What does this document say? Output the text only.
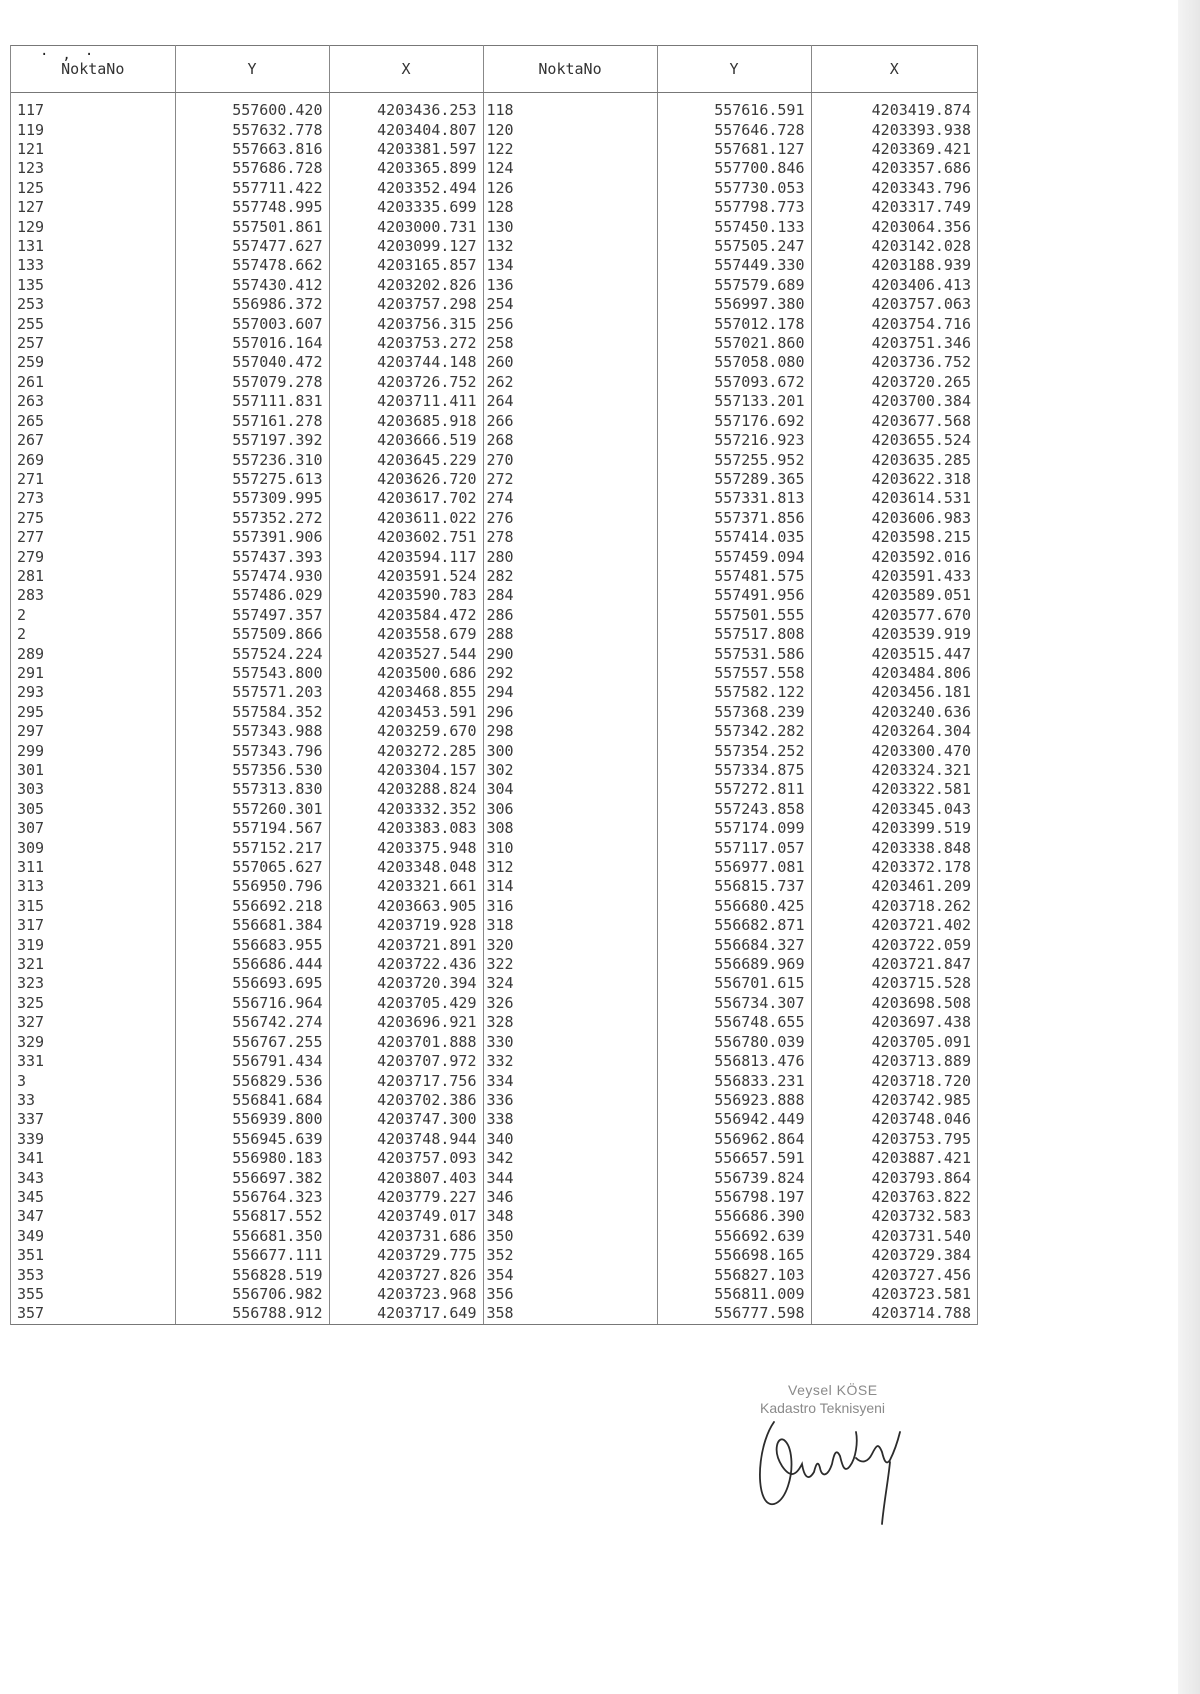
·,·
NoktaNo	Y	X	NoktaNo	Y	X
117	557600.420	4203436.253	118	557616.591	4203419.874
119	557632.778	4203404.807	120	557646.728	4203393.938
121	557663.816	4203381.597	122	557681.127	4203369.421
123	557686.728	4203365.899	124	557700.846	4203357.686
125	557711.422	4203352.494	126	557730.053	4203343.796
127	557748.995	4203335.699	128	557798.773	4203317.749
129	557501.861	4203000.731	130	557450.133	4203064.356
131	557477.627	4203099.127	132	557505.247	4203142.028
133	557478.662	4203165.857	134	557449.330	4203188.939
135	557430.412	4203202.826	136	557579.689	4203406.413
253	556986.372	4203757.298	254	556997.380	4203757.063
255	557003.607	4203756.315	256	557012.178	4203754.716
257	557016.164	4203753.272	258	557021.860	4203751.346
259	557040.472	4203744.148	260	557058.080	4203736.752
261	557079.278	4203726.752	262	557093.672	4203720.265
263	557111.831	4203711.411	264	557133.201	4203700.384
265	557161.278	4203685.918	266	557176.692	4203677.568
267	557197.392	4203666.519	268	557216.923	4203655.524
269	557236.310	4203645.229	270	557255.952	4203635.285
271	557275.613	4203626.720	272	557289.365	4203622.318
273	557309.995	4203617.702	274	557331.813	4203614.531
275	557352.272	4203611.022	276	557371.856	4203606.983
277	557391.906	4203602.751	278	557414.035	4203598.215
279	557437.393	4203594.117	280	557459.094	4203592.016
281	557474.930	4203591.524	282	557481.575	4203591.433
283	557486.029	4203590.783	284	557491.956	4203589.051
2	557497.357	4203584.472	286	557501.555	4203577.670
2	557509.866	4203558.679	288	557517.808	4203539.919
289	557524.224	4203527.544	290	557531.586	4203515.447
291	557543.800	4203500.686	292	557557.558	4203484.806
293	557571.203	4203468.855	294	557582.122	4203456.181
295	557584.352	4203453.591	296	557368.239	4203240.636
297	557343.988	4203259.670	298	557342.282	4203264.304
299	557343.796	4203272.285	300	557354.252	4203300.470
301	557356.530	4203304.157	302	557334.875	4203324.321
303	557313.830	4203288.824	304	557272.811	4203322.581
305	557260.301	4203332.352	306	557243.858	4203345.043
307	557194.567	4203383.083	308	557174.099	4203399.519
309	557152.217	4203375.948	310	557117.057	4203338.848
311	557065.627	4203348.048	312	556977.081	4203372.178
313	556950.796	4203321.661	314	556815.737	4203461.209
315	556692.218	4203663.905	316	556680.425	4203718.262
317	556681.384	4203719.928	318	556682.871	4203721.402
319	556683.955	4203721.891	320	556684.327	4203722.059
321	556686.444	4203722.436	322	556689.969	4203721.847
323	556693.695	4203720.394	324	556701.615	4203715.528
325	556716.964	4203705.429	326	556734.307	4203698.508
327	556742.274	4203696.921	328	556748.655	4203697.438
329	556767.255	4203701.888	330	556780.039	4203705.091
331	556791.434	4203707.972	332	556813.476	4203713.889
3	556829.536	4203717.756	334	556833.231	4203718.720
33	556841.684	4203702.386	336	556923.888	4203742.985
337	556939.800	4203747.300	338	556942.449	4203748.046
339	556945.639	4203748.944	340	556962.864	4203753.795
341	556980.183	4203757.093	342	556657.591	4203887.421
343	556697.382	4203807.403	344	556739.824	4203793.864
345	556764.323	4203779.227	346	556798.197	4203763.822
347	556817.552	4203749.017	348	556686.390	4203732.583
349	556681.350	4203731.686	350	556692.639	4203731.540
351	556677.111	4203729.775	352	556698.165	4203729.384
353	556828.519	4203727.826	354	556827.103	4203727.456
355	556706.982	4203723.968	356	556811.009	4203723.581
357	556788.912	4203717.649	358	556777.598	4203714.788
Veysel KÖSE
Kadastro Teknisyeni
